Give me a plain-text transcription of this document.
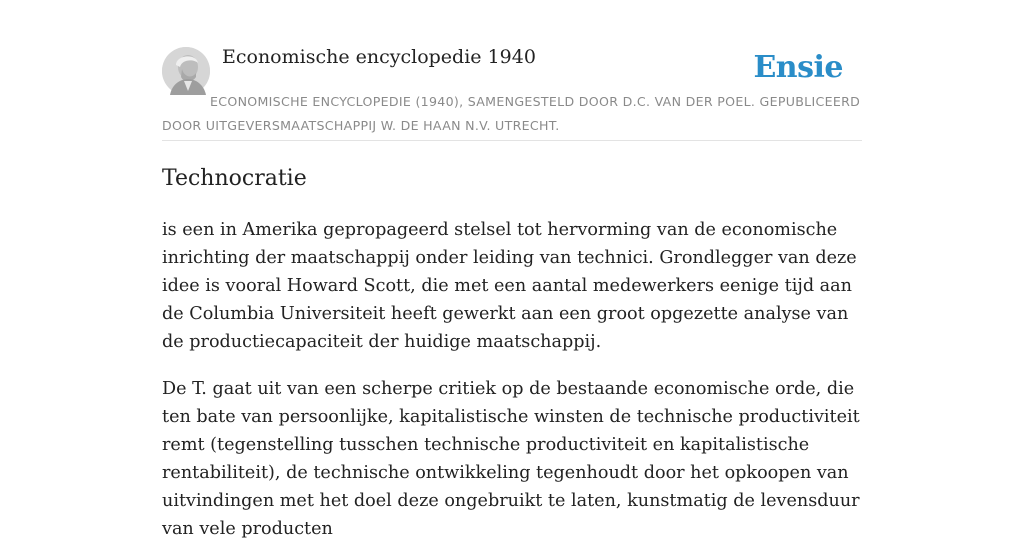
Economische encyclopedie 1940	Ensie
ECONOMISCHE ENCYCLOPEDIE (1940), SAMENGESTELD DOOR D.C. VAN DER POEL. GEPUBLICEERD DOOR UITGEVERSMAATSCHAPPIJ W. DE HAAN N.V. UTRECHT.
Technocratie

is een in Amerika gepropageerd stelsel tot hervorming van de economische inrichting der maatschappij onder leiding van technici. Grondlegger van deze idee is vooral Howard Scott, die met een aantal medewerkers eenige tijd aan de Columbia Universiteit heeft gewerkt aan een groot opgezette analyse van de productiecapaciteit der huidige maatschappij.

De T. gaat uit van een scherpe critiek op de bestaande economische orde, die ten bate van persoonlijke, kapitalistische winsten de technische productiviteit remt (tegenstelling tusschen technische productiviteit en kapitalistische rentabiliteit), de technische ontwikkeling tegenhoudt door het opkoopen van uitvindingen met het doel deze ongebruikt te laten, kunstmatig de levensduur van vele producten
